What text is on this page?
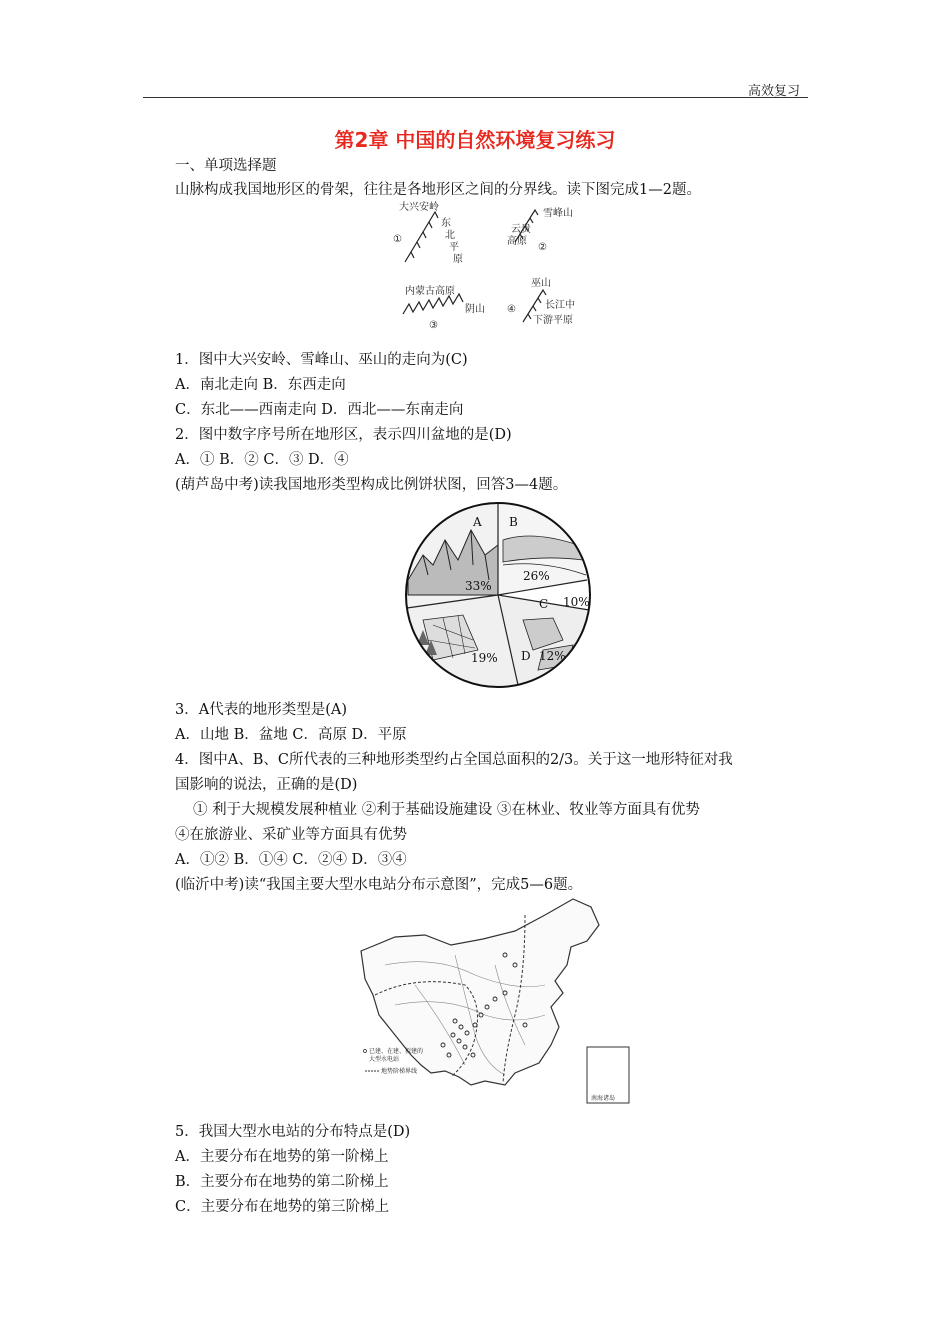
高效复习
第2章 中国的自然环境复习练习
一、单项选择题
山脉构成我国地形区的骨架，往往是各地形区之间的分界线。读下图完成1—2题。
大兴安岭
东
北
平
原
①
雪峰山
云贵
高原
②
内蒙古高原
阴山
③
巫山
④	长江中
下游平原
1．图中大兴安岭、雪峰山、巫山的走向为(C)
A．南北走向 B．东西走向
C．东北——西南走向 D．西北——东南走向
2．图中数字序号所在地形区，表示四川盆地的是(D)
A．① B．② C．③ D．④
(葫芦岛中考)读我国地形类型构成比例饼状图，回答3—4题。
A B
C
D
33%
26%
10%
12%
19%
3．A代表的地形类型是(A)
A．山地 B．盆地 C．高原 D．平原
4．图中A、B、C所代表的三种地形类型约占全国总面积的2/3。关于这一地形特征对我
国影响的说法，正确的是(D)
① 利于大规模发展种植业 ②利于基础设施建设 ③在林业、牧业等方面具有优势
④在旅游业、采矿业等方面具有优势
A．①② B．①④ C．②④ D．③④
(临沂中考)读“我国主要大型水电站分布示意图”，完成5—6题。
南海诸岛
已建、在建、拟建的
大型水电站
地势阶梯界线
5．我国大型水电站的分布特点是(D)
A．主要分布在地势的第一阶梯上
B．主要分布在地势的第二阶梯上
C．主要分布在地势的第三阶梯上
